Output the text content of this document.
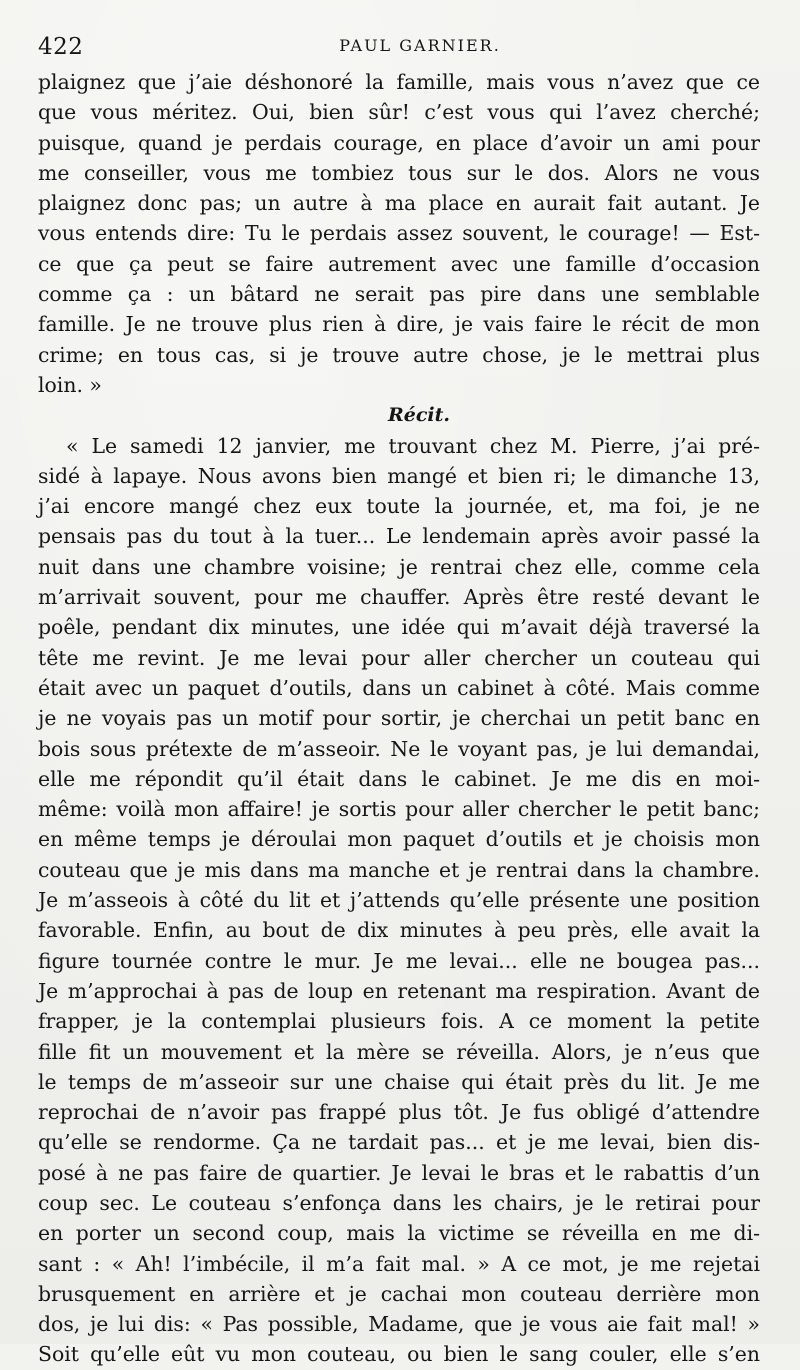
422	PAUL GARNIER.
plaignez que j’aie déshonoré la famille, mais vous n’avez que ce
que vous méritez. Oui, bien sûr! c’est vous qui l’avez cherché;
puisque, quand je perdais courage, en place d’avoir un ami pour
me conseiller, vous me tombiez tous sur le dos. Alors ne vous
plaignez donc pas; un autre à ma place en aurait fait autant. Je
vous entends dire: Tu le perdais assez souvent, le courage! — Est-
ce que ça peut se faire autrement avec une famille d’occasion
comme ça : un bâtard ne serait pas pire dans une semblable
famille. Je ne trouve plus rien à dire, je vais faire le récit de mon
crime; en tous cas, si je trouve autre chose, je le mettrai plus
loin. »
Récit.
« Le samedi 12 janvier, me trouvant chez M. Pierre, j’ai pré-
sidé à lapaye. Nous avons bien mangé et bien ri; le dimanche 13,
j’ai encore mangé chez eux toute la journée, et, ma foi, je ne
pensais pas du tout à la tuer... Le lendemain après avoir passé la
nuit dans une chambre voisine; je rentrai chez elle, comme cela
m’arrivait souvent, pour me chauffer. Après être resté devant le
poêle, pendant dix minutes, une idée qui m’avait déjà traversé la
tête me revint. Je me levai pour aller chercher un couteau qui
était avec un paquet d’outils, dans un cabinet à côté. Mais comme
je ne voyais pas un motif pour sortir, je cherchai un petit banc en
bois sous prétexte de m’asseoir. Ne le voyant pas, je lui demandai,
elle me répondit qu’il était dans le cabinet. Je me dis en moi-
même: voilà mon affaire! je sortis pour aller chercher le petit banc;
en même temps je déroulai mon paquet d’outils et je choisis mon
couteau que je mis dans ma manche et je rentrai dans la chambre.
Je m’asseois à côté du lit et j’attends qu’elle présente une position
favorable. Enfin, au bout de dix minutes à peu près, elle avait la
figure tournée contre le mur. Je me levai... elle ne bougea pas...
Je m’approchai à pas de loup en retenant ma respiration. Avant de
frapper, je la contemplai plusieurs fois. A ce moment la petite
fille fit un mouvement et la mère se réveilla. Alors, je n’eus que
le temps de m’asseoir sur une chaise qui était près du lit. Je me
reprochai de n’avoir pas frappé plus tôt. Je fus obligé d’attendre
qu’elle se rendorme. Ça ne tardait pas... et je me levai, bien dis-
posé à ne pas faire de quartier. Je levai le bras et le rabattis d’un
coup sec. Le couteau s’enfonça dans les chairs, je le retirai pour
en porter un second coup, mais la victime se réveilla en me di-
sant : « Ah! l’imbécile, il m’a fait mal. » A ce mot, je me rejetai
brusquement en arrière et je cachai mon couteau derrière mon
dos, je lui dis: « Pas possible, Madame, que je vous aie fait mal! »
Soit qu’elle eût vu mon couteau, ou bien le sang couler, elle s’en
